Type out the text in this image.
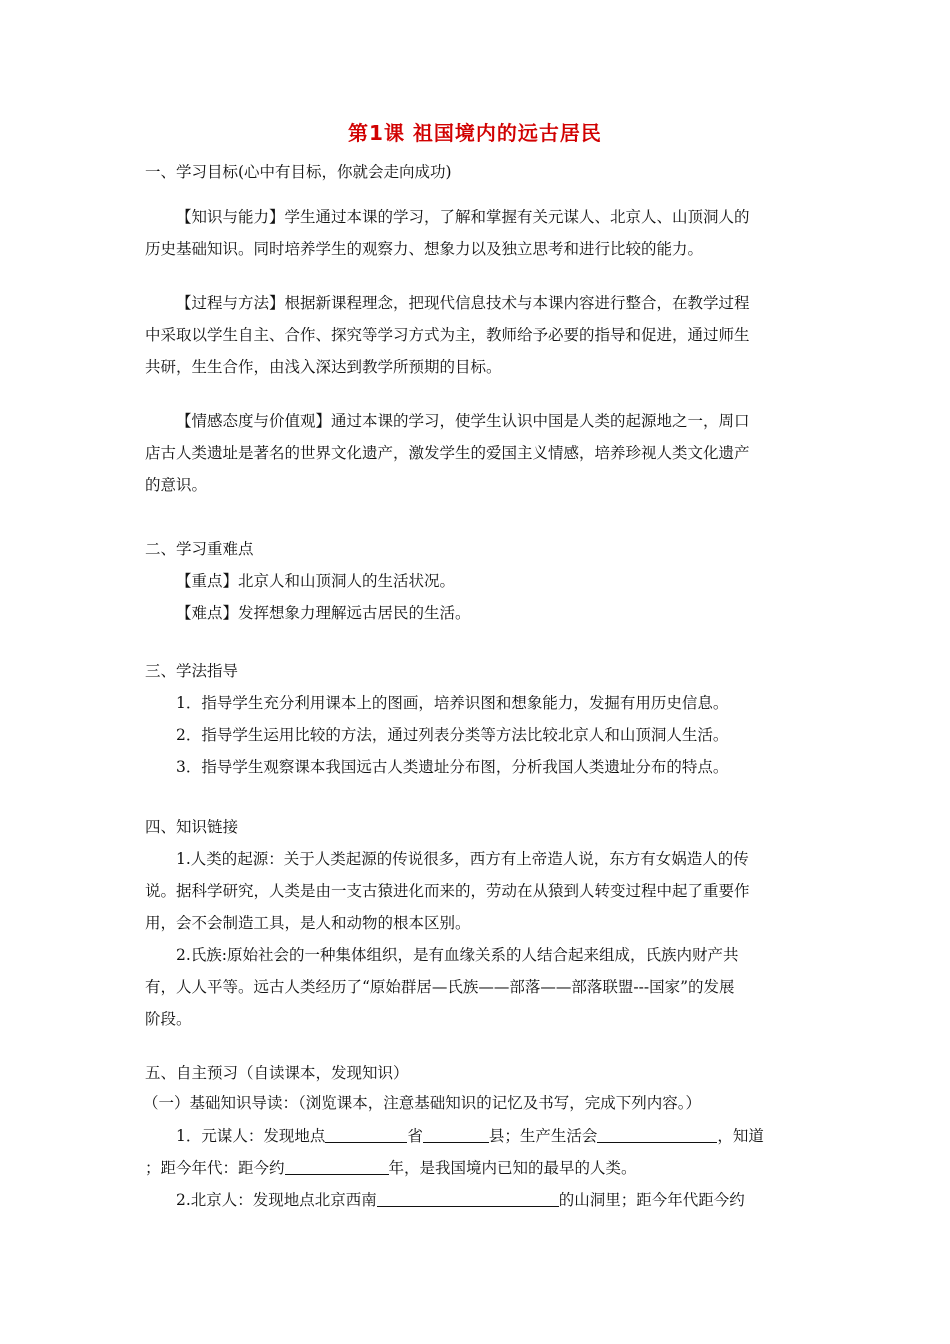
第1课 祖国境内的远古居民
一、学习目标(心中有目标，你就会走向成功)
【知识与能力】学生通过本课的学习，了解和掌握有关元谋人、北京人、山顶洞人的
历史基础知识。同时培养学生的观察力、想象力以及独立思考和进行比较的能力。
【过程与方法】根据新课程理念，把现代信息技术与本课内容进行整合，在教学过程
中采取以学生自主、合作、探究等学习方式为主，教师给予必要的指导和促进，通过师生
共研，生生合作，由浅入深达到教学所预期的目标。
【情感态度与价值观】通过本课的学习，使学生认识中国是人类的起源地之一，周口
店古人类遗址是著名的世界文化遗产，激发学生的爱国主义情感，培养珍视人类文化遗产
的意识。
二、学习重难点
【重点】北京人和山顶洞人的生活状况。
【难点】发挥想象力理解远古居民的生活。
三、学法指导
1．指导学生充分利用课本上的图画，培养识图和想象能力，发掘有用历史信息。
2．指导学生运用比较的方法，通过列表分类等方法比较北京人和山顶洞人生活。
3．指导学生观察课本我国远古人类遗址分布图，分析我国人类遗址分布的特点。
四、知识链接
1.人类的起源：关于人类起源的传说很多，西方有上帝造人说，东方有女娲造人的传
说。据科学研究，人类是由一支古猿进化而来的，劳动在从猿到人转变过程中起了重要作
用，会不会制造工具，是人和动物的根本区别。
2.氏族:原始社会的一种集体组织，是有血缘关系的人结合起来组成，氏族内财产共
有，人人平等。远古人类经历了“原始群居—氏族——部落——部落联盟---国家”的发展
阶段。
五、自主预习（自读课本，发现知识）
（一）基础知识导读：（浏览课本，注意基础知识的记忆及书写，完成下列内容。）
1．元谋人：发现地点	省	县；生产生活会	，知道
；距今年代：距今约	年，是我国境内已知的最早的人类。
2.北京人：发现地点北京西南	的山洞里；距今年代距今约
